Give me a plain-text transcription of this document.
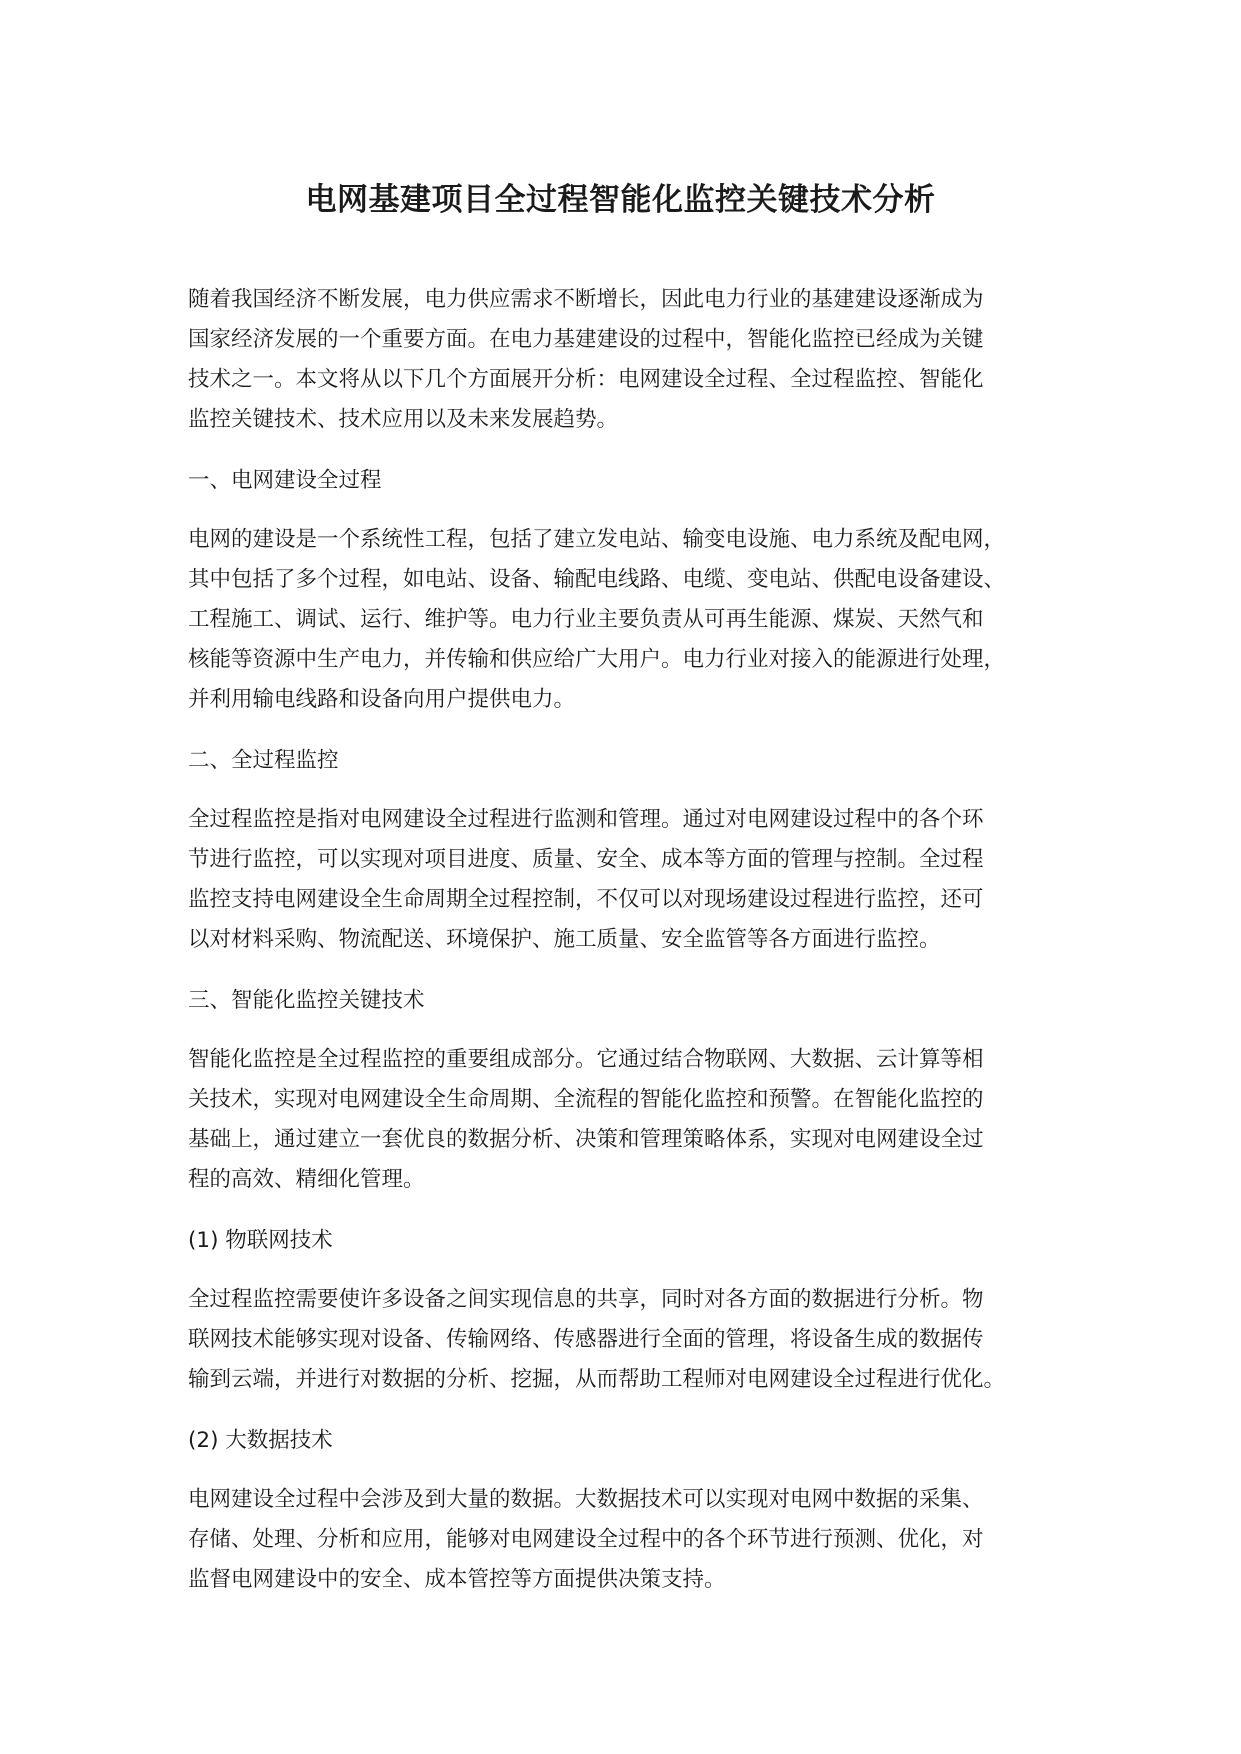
电网基建项目全过程智能化监控关键技术分析

随着我国经济不断发展，电力供应需求不断增长，因此电力行业的基建建设逐渐成为
国家经济发展的一个重要方面。在电力基建建设的过程中，智能化监控已经成为关键
技术之一。本文将从以下几个方面展开分析：电网建设全过程、全过程监控、智能化
监控关键技术、技术应用以及未来发展趋势。

一、电网建设全过程

电网的建设是一个系统性工程，包括了建立发电站、输变电设施、电力系统及配电网，
其中包括了多个过程，如电站、设备、输配电线路、电缆、变电站、供配电设备建设、
工程施工、调试、运行、维护等。电力行业主要负责从可再生能源、煤炭、天然气和
核能等资源中生产电力，并传输和供应给广大用户。电力行业对接入的能源进行处理，
并利用输电线路和设备向用户提供电力。

二、全过程监控

全过程监控是指对电网建设全过程进行监测和管理。通过对电网建设过程中的各个环
节进行监控，可以实现对项目进度、质量、安全、成本等方面的管理与控制。全过程
监控支持电网建设全生命周期全过程控制，不仅可以对现场建设过程进行监控，还可
以对材料采购、物流配送、环境保护、施工质量、安全监管等各方面进行监控。

三、智能化监控关键技术

智能化监控是全过程监控的重要组成部分。它通过结合物联网、大数据、云计算等相
关技术，实现对电网建设全生命周期、全流程的智能化监控和预警。在智能化监控的
基础上，通过建立一套优良的数据分析、决策和管理策略体系，实现对电网建设全过
程的高效、精细化管理。

(1) 物联网技术

全过程监控需要使许多设备之间实现信息的共享，同时对各方面的数据进行分析。物
联网技术能够实现对设备、传输网络、传感器进行全面的管理，将设备生成的数据传
输到云端，并进行对数据的分析、挖掘，从而帮助工程师对电网建设全过程进行优化。

(2) 大数据技术

电网建设全过程中会涉及到大量的数据。大数据技术可以实现对电网中数据的采集、
存储、处理、分析和应用，能够对电网建设全过程中的各个环节进行预测、优化，对
监督电网建设中的安全、成本管控等方面提供决策支持。
